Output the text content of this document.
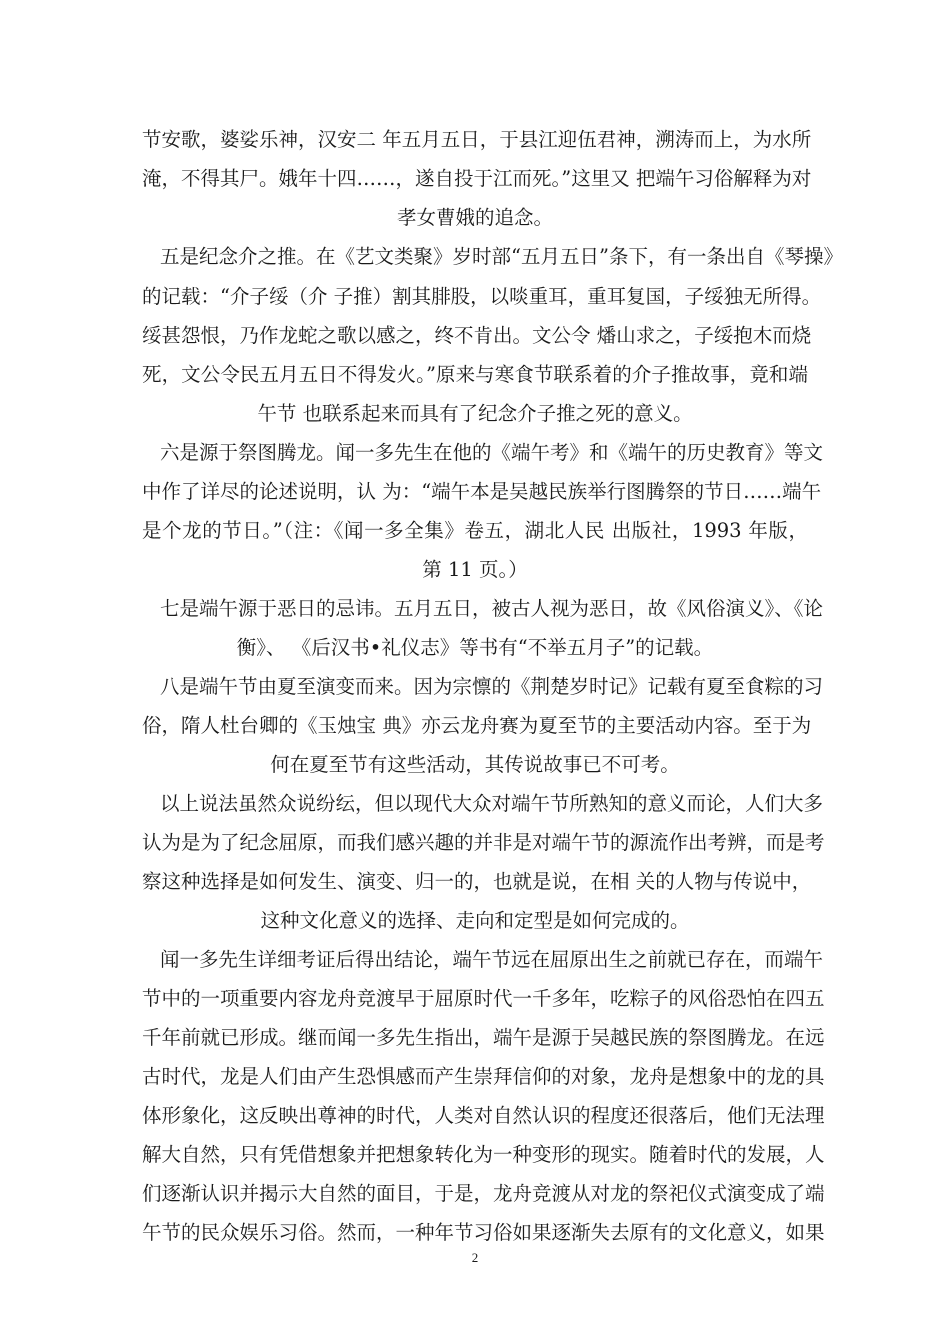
节安歌，婆娑乐神，汉安二 年五月五日，于县江迎伍君神，溯涛而上，为水所
淹，不得其尸。娥年十四……，遂自投于江而死。”这里又 把端午习俗解释为对
孝女曹娥的追念。
五是纪念介之推。在《艺文类聚》岁时部“五月五日”条下，有一条出自《琴操》
的记载：“介子绥（介 子推）割其腓股，以啖重耳，重耳复国，子绥独无所得。
绥甚怨恨，乃作龙蛇之歌以感之，终不肯出。文公令 燔山求之，子绥抱木而烧
死，文公令民五月五日不得发火。”原来与寒食节联系着的介子推故事，竟和端
午节 也联系起来而具有了纪念介子推之死的意义。
六是源于祭图腾龙。闻一多先生在他的《端午考》和《端午的历史教育》等文
中作了详尽的论述说明，认 为：“端午本是吴越民族举行图腾祭的节日……端午
是个龙的节日。”（注：《闻一多全集》卷五，湖北人民 出版社，1993 年版，
第 11 页。）
七是端午源于恶日的忌讳。五月五日，被古人视为恶日，故《风俗演义》、《论
衡》、 《后汉书•礼仪志》等书有“不举五月子”的记载。
八是端午节由夏至演变而来。因为宗懔的《荆楚岁时记》记载有夏至食粽的习
俗，隋人杜台卿的《玉烛宝 典》亦云龙舟赛为夏至节的主要活动内容。至于为
何在夏至节有这些活动，其传说故事已不可考。
以上说法虽然众说纷纭，但以现代大众对端午节所熟知的意义而论，人们大多
认为是为了纪念屈原，而我们感兴趣的并非是对端午节的源流作出考辨，而是考
察这种选择是如何发生、演变、归一的，也就是说，在相 关的人物与传说中，
这种文化意义的选择、走向和定型是如何完成的。
闻一多先生详细考证后得出结论，端午节远在屈原出生之前就已存在，而端午
节中的一项重要内容龙舟竞渡早于屈原时代一千多年，吃粽子的风俗恐怕在四五
千年前就已形成。继而闻一多先生指出，端午是源于吴越民族的祭图腾龙。在远
古时代，龙是人们由产生恐惧感而产生崇拜信仰的对象，龙舟是想象中的龙的具
体形象化，这反映出尊神的时代，人类对自然认识的程度还很落后，他们无法理
解大自然，只有凭借想象并把想象转化为一种变形的现实。随着时代的发展，人
们逐渐认识并揭示大自然的面目，于是，龙舟竞渡从对龙的祭祀仪式演变成了端
午节的民众娱乐习俗。然而，一种年节习俗如果逐渐失去原有的文化意义，如果
2
